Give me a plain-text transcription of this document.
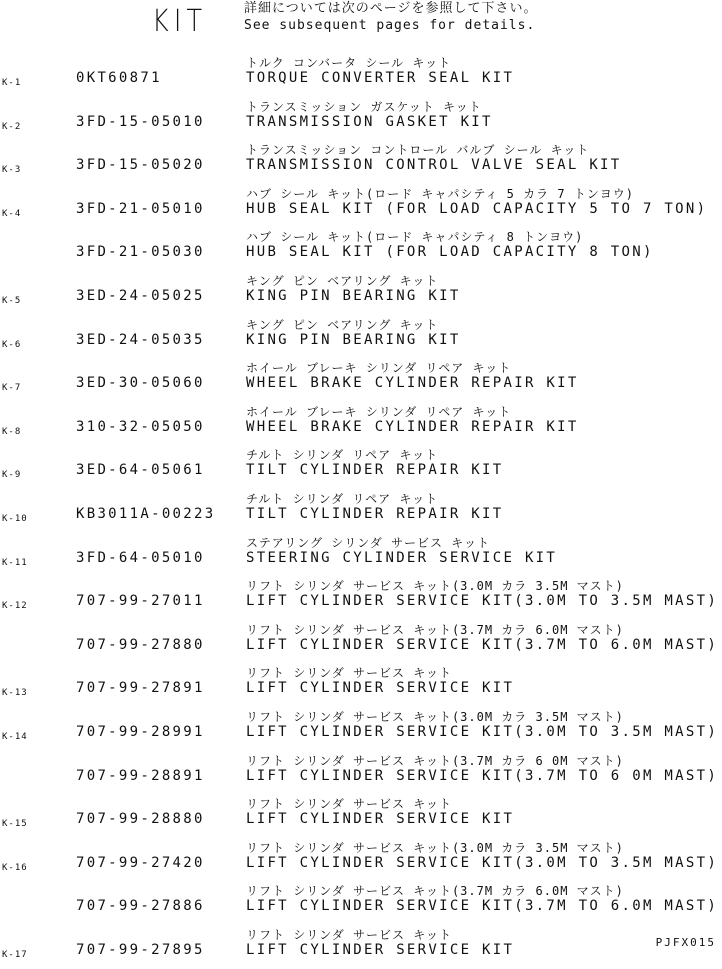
KIT	詳細については次のページを参照して下さい。
See subsequent pages for details.
K-1	0KT60871
トルク コンバータ シール キット
TORQUE CONVERTER SEAL KIT
K-2	3FD-15-05010
トランスミッション ガスケット キット
TRANSMISSION GASKET KIT
K-3	3FD-15-05020
トランスミッション コントロール バルブ シール キット
TRANSMISSION CONTROL VALVE SEAL KIT
K-4	3FD-21-05010
ハブ シール キット(ロード キャパシティ 5 カラ 7 トンヨウ)
HUB SEAL KIT (FOR LOAD CAPACITY 5 TO 7 TON)
3FD-21-05030
ハブ シール キット(ロード キャパシティ 8 トンヨウ)
HUB SEAL KIT (FOR LOAD CAPACITY 8 TON)
K-5	3ED-24-05025
キング ピン ベアリング キット
KING PIN BEARING KIT
K-6	3ED-24-05035
キング ピン ベアリング キット
KING PIN BEARING KIT
K-7	3ED-30-05060
ホイール ブレーキ シリンダ リペア キット
WHEEL BRAKE CYLINDER REPAIR KIT
K-8	310-32-05050
ホイール ブレーキ シリンダ リペア キット
WHEEL BRAKE CYLINDER REPAIR KIT
K-9	3ED-64-05061
チルト シリンダ リペア キット
TILT CYLINDER REPAIR KIT
K-10	KB3011A-00223
チルト シリンダ リペア キット
TILT CYLINDER REPAIR KIT
K-11	3FD-64-05010
ステアリング シリンダ サービス キット
STEERING CYLINDER SERVICE KIT
K-12	707-99-27011
リフト シリンダ サービス キット(3.0M カラ 3.5M マスト)
LIFT CYLINDER SERVICE KIT(3.0M TO 3.5M MAST)
707-99-27880
リフト シリンダ サービス キット(3.7M カラ 6.0M マスト)
LIFT CYLINDER SERVICE KIT(3.7M TO 6.0M MAST)
K-13	707-99-27891
リフト シリンダ サービス キット
LIFT CYLINDER SERVICE KIT
K-14	707-99-28991
リフト シリンダ サービス キット(3.0M カラ 3.5M マスト)
LIFT CYLINDER SERVICE KIT(3.0M TO 3.5M MAST)
707-99-28891
リフト シリンダ サービス キット(3.7M カラ 6 0M マスト)
LIFT CYLINDER SERVICE KIT(3.7M TO 6 0M MAST)
K-15	707-99-28880
リフト シリンダ サービス キット
LIFT CYLINDER SERVICE KIT
K-16	707-99-27420
リフト シリンダ サービス キット(3.0M カラ 3.5M マスト)
LIFT CYLINDER SERVICE KIT(3.0M TO 3.5M MAST)
707-99-27886
リフト シリンダ サービス キット(3.7M カラ 6.0M マスト)
LIFT CYLINDER SERVICE KIT(3.7M TO 6.0M MAST)
K-17	707-99-27895
リフト シリンダ サービス キット
LIFT CYLINDER SERVICE KIT	PJFX015
